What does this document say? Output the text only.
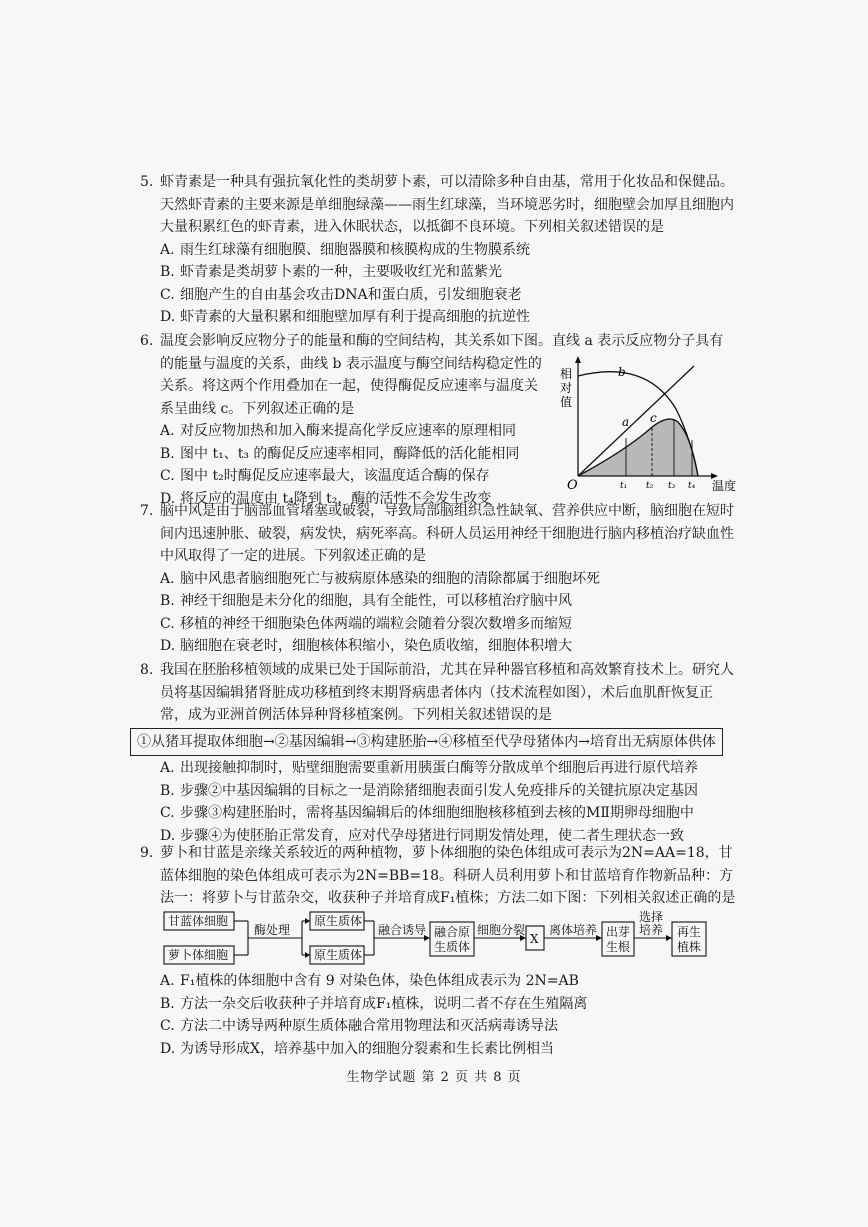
5. 虾青素是一种具有强抗氧化性的类胡萝卜素，可以清除多种自由基，常用于化妆品和保健品。天然虾青素的主要来源是单细胞绿藻——雨生红球藻，当环境恶劣时，细胞壁会加厚且细胞内大量积累红色的虾青素，进入休眠状态，以抵御不良环境。下列相关叙述错误的是
A. 雨生红球藻有细胞膜、细胞器膜和核膜构成的生物膜系统
B. 虾青素是类胡萝卜素的一种，主要吸收红光和蓝紫光
C. 细胞产生的自由基会攻击DNA和蛋白质，引发细胞衰老
D. 虾青素的大量积累和细胞壁加厚有利于提高细胞的抗逆性
6. 温度会影响反应物分子的能量和酶的空间结构，其关系如下图。直线 a 表示反应物分子具有
的能量与温度的关系，曲线 b 表示温度与酶空间结构稳定性的关系。将这两个作用叠加在一起，使得酶促反应速率与温度关系呈曲线 c。下列叙述正确的是
A. 对反应物加热和加入酶来提高化学反应速率的原理相同
B. 图中 t₁、t₃ 的酶促反应速率相同，酶降低的活化能相同
C. 图中 t₂时酶促反应速率最大，该温度适合酶的保存
D. 将反应的温度由 t₄降到 t₂，酶的活性不会发生改变
相
对
值
O	温度
b
a c
t₁ t₂ t₃ t₄
7. 脑中风是由于脑部血管堵塞或破裂，导致局部脑组织急性缺氧、营养供应中断，脑细胞在短时间内迅速肿胀、破裂，病发快，病死率高。科研人员运用神经干细胞进行脑内移植治疗缺血性中风取得了一定的进展。下列叙述正确的是
A. 脑中风患者脑细胞死亡与被病原体感染的细胞的清除都属于细胞坏死
B. 神经干细胞是未分化的细胞，具有全能性，可以移植治疗脑中风
C. 移植的神经干细胞染色体两端的端粒会随着分裂次数增多而缩短
D. 脑细胞在衰老时，细胞核体积缩小，染色质收缩，细胞体积增大
8. 我国在胚胎移植领域的成果已处于国际前沿，尤其在异种器官移植和高效繁育技术上。研究人员将基因编辑猪肾脏成功移植到终末期肾病患者体内（技术流程如图），术后血肌酐恢复正常，成为亚洲首例活体异种肾移植案例。下列相关叙述错误的是
①从猪耳提取体细胞→②基因编辑→③构建胚胎→④移植至代孕母猪体内→培育出无病原体供体
A. 出现接触抑制时，贴壁细胞需要重新用胰蛋白酶等分散成单个细胞后再进行原代培养
B. 步骤②中基因编辑的目标之一是消除猪细胞表面引发人免疫排斥的关键抗原决定基因
C. 步骤③构建胚胎时，需将基因编辑后的体细胞细胞核移植到去核的MⅡ期卵母细胞中
D. 步骤④为使胚胎正常发育，应对代孕母猪进行同期发情处理，使二者生理状态一致
9. 萝卜和甘蓝是亲缘关系较近的两种植物，萝卜体细胞的染色体组成可表示为2N=AA=18，甘蓝体细胞的染色体组成可表示为2N=BB=18。科研人员利用萝卜和甘蓝培育作物新品种：方法一：将萝卜与甘蓝杂交，收获种子并培育成F₁植株；方法二如下图：下列相关叙述正确的是
甘蓝体细胞
萝卜体细胞
酶处理
原生质体
原生质体
融合诱导 融合原
生质体
细胞分裂
X
离体培养 出芽
生根
选择
培养 再生
植株
A. F₁植株的体细胞中含有 9 对染色体，染色体组成表示为 2N=AB
B. 方法一杂交后收获种子并培育成F₁植株，说明二者不存在生殖隔离
C. 方法二中诱导两种原生质体融合常用物理法和灭活病毒诱导法
D. 为诱导形成X，培养基中加入的细胞分裂素和生长素比例相当
生物学试题 第 2 页 共 8 页
